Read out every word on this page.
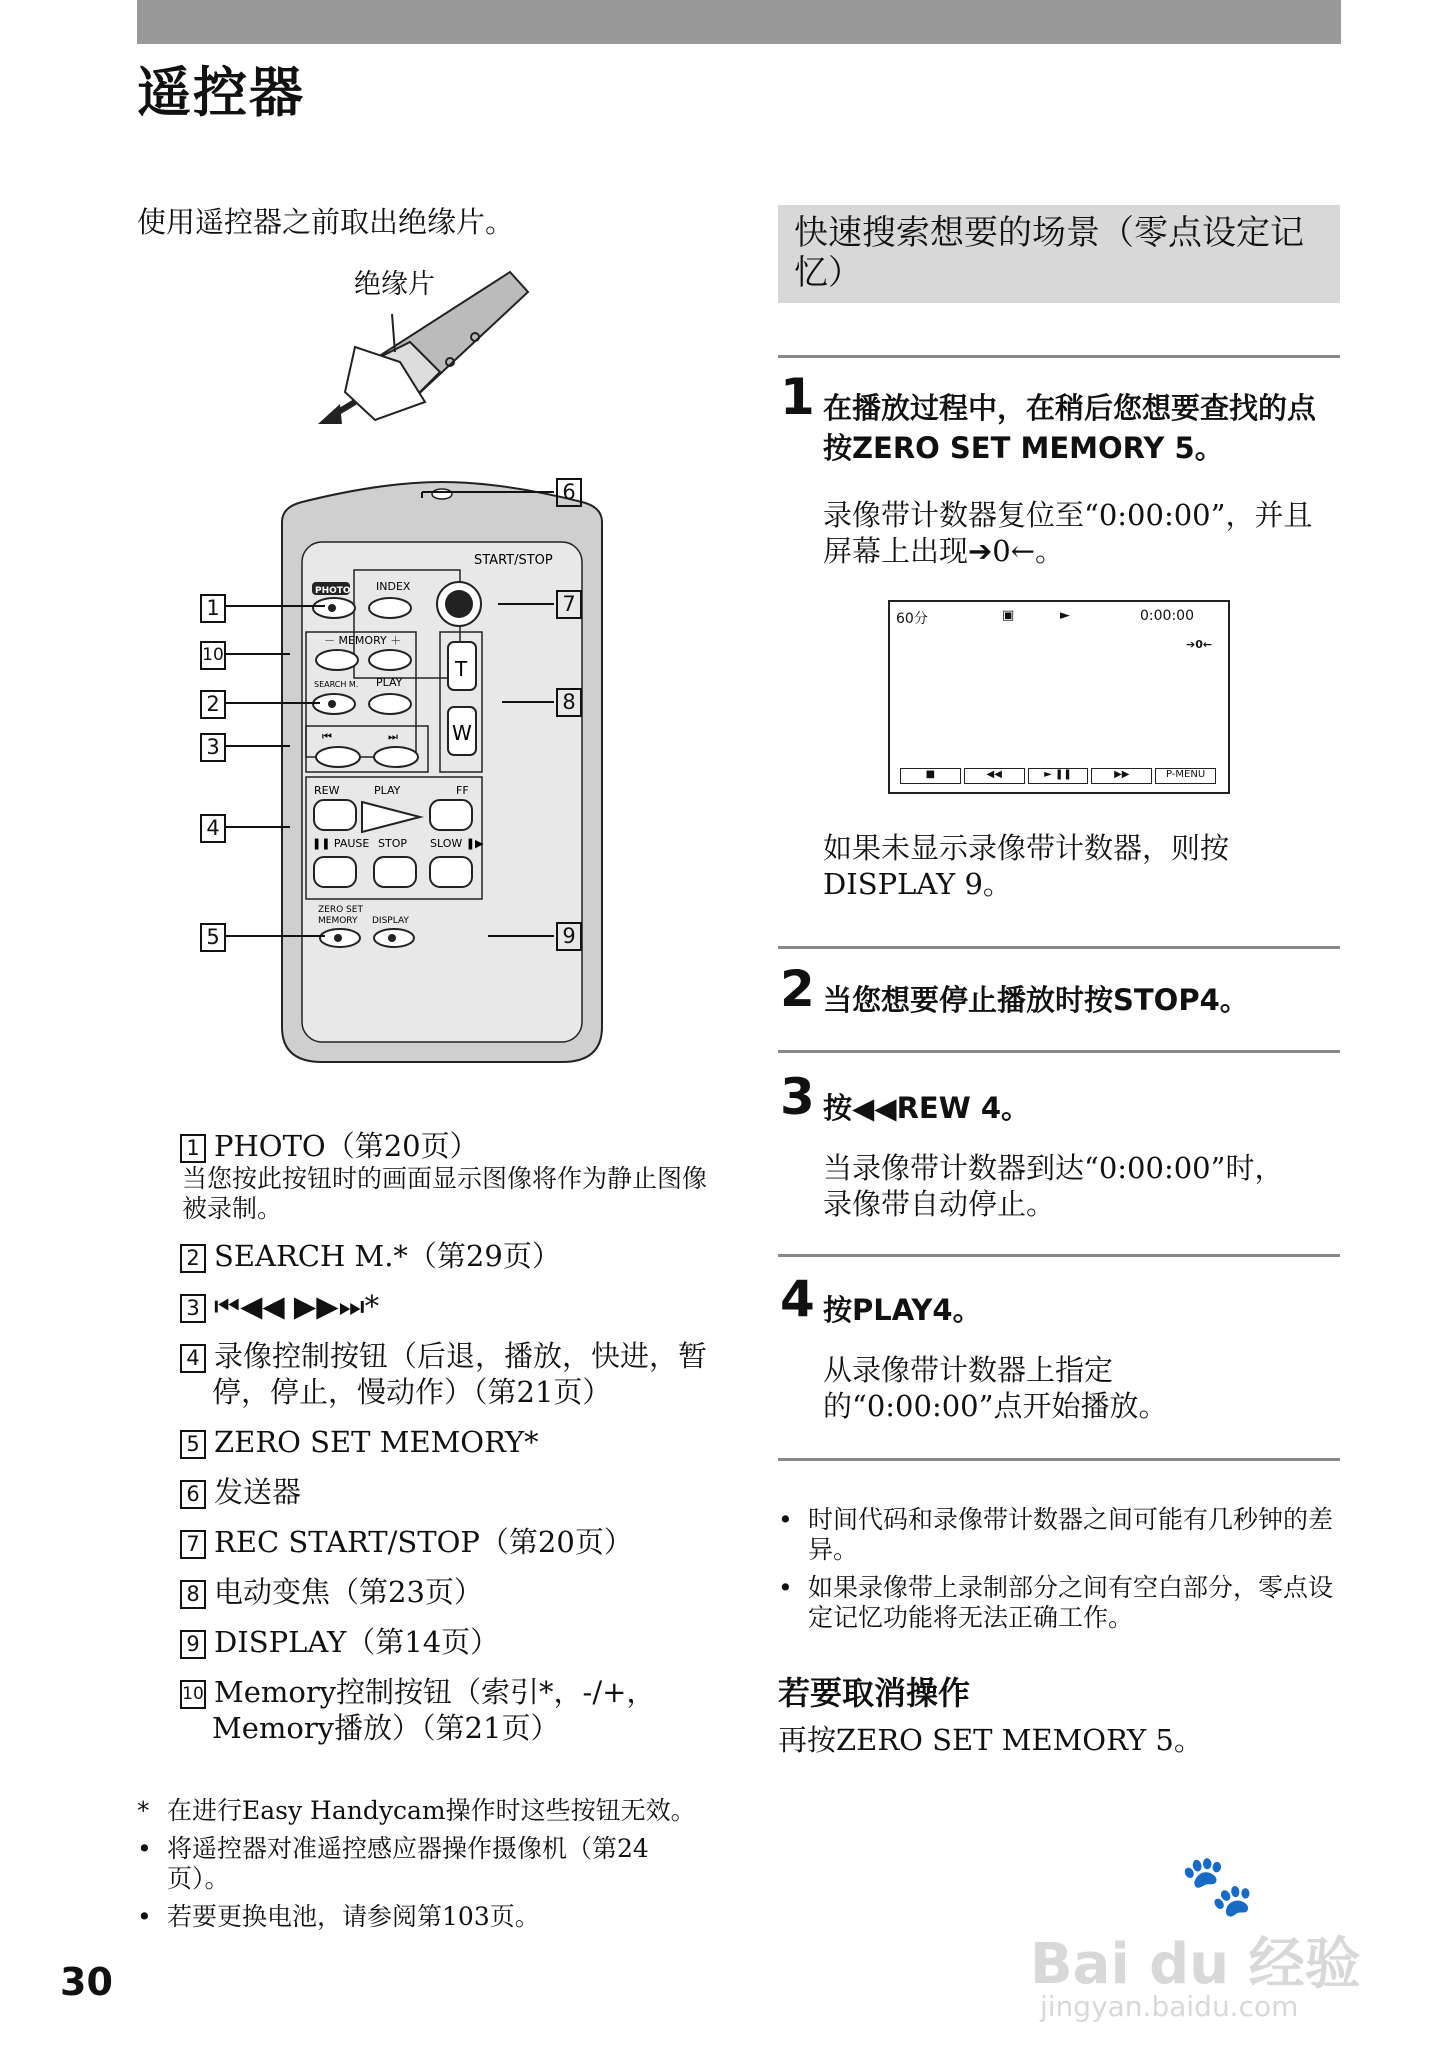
遥控器
使用遥控器之前取出绝缘片。
绝缘片
START/STOP
PHOTO INDEX
－ MEMORY ＋
SEARCH M. PLAY
T
W
⏮	⏭
REW	PLAY	FF
❚❚ PAUSE STOP SLOW ❚▶
ZERO SET
MEMORY DISPLAY
1
10
2
3
4
5
6
7
8
9
1 PHOTO（第20页）
当您按此按钮时的画面显示图像将作为静止图像被录制。
2 SEARCH M.*（第29页）
3 ⏮◀◀ ▶▶⏭*
4 录像控制按钮（后退，播放，快进，暂停，停止，慢动作）（第21页）
5 ZERO SET MEMORY*
6 发送器
7 REC START/STOP（第20页）
8 电动变焦（第23页）
9 DISPLAY（第14页）
10 Memory控制按钮（索引*，-/+，Memory播放）（第21页）
* 在进行Easy Handycam操作时这些按钮无效。
• 将遥控器对准遥控感应器操作摄像机（第24页）。
• 若要更换电池，请参阅第103页。
30
快速搜索想要的场景（零点设定记忆）
1 在播放过程中，在稍后您想要查找的点按ZERO SET MEMORY 5。
录像带计数器复位至“0:00:00”，并且屏幕上出现➔0←。
60分	▣	►	0:00:00
➔0←
■	◀◀	► ❚❚	▶▶	P-MENU
如果未显示录像带计数器，则按DISPLAY 9。
2 当您想要停止播放时按STOP4。
3 按◀◀REW 4。
当录像带计数器到达“0:00:00”时，录像带自动停止。
4 按PLAY4。
从录像带计数器上指定的“0:00:00”点开始播放。
• 时间代码和录像带计数器之间可能有几秒钟的差异。
• 如果录像带上录制部分之间有空白部分，零点设定记忆功能将无法正确工作。
若要取消操作
再按ZERO SET MEMORY 5。
🐾
Bai du 经验
jingyan.baidu.com
